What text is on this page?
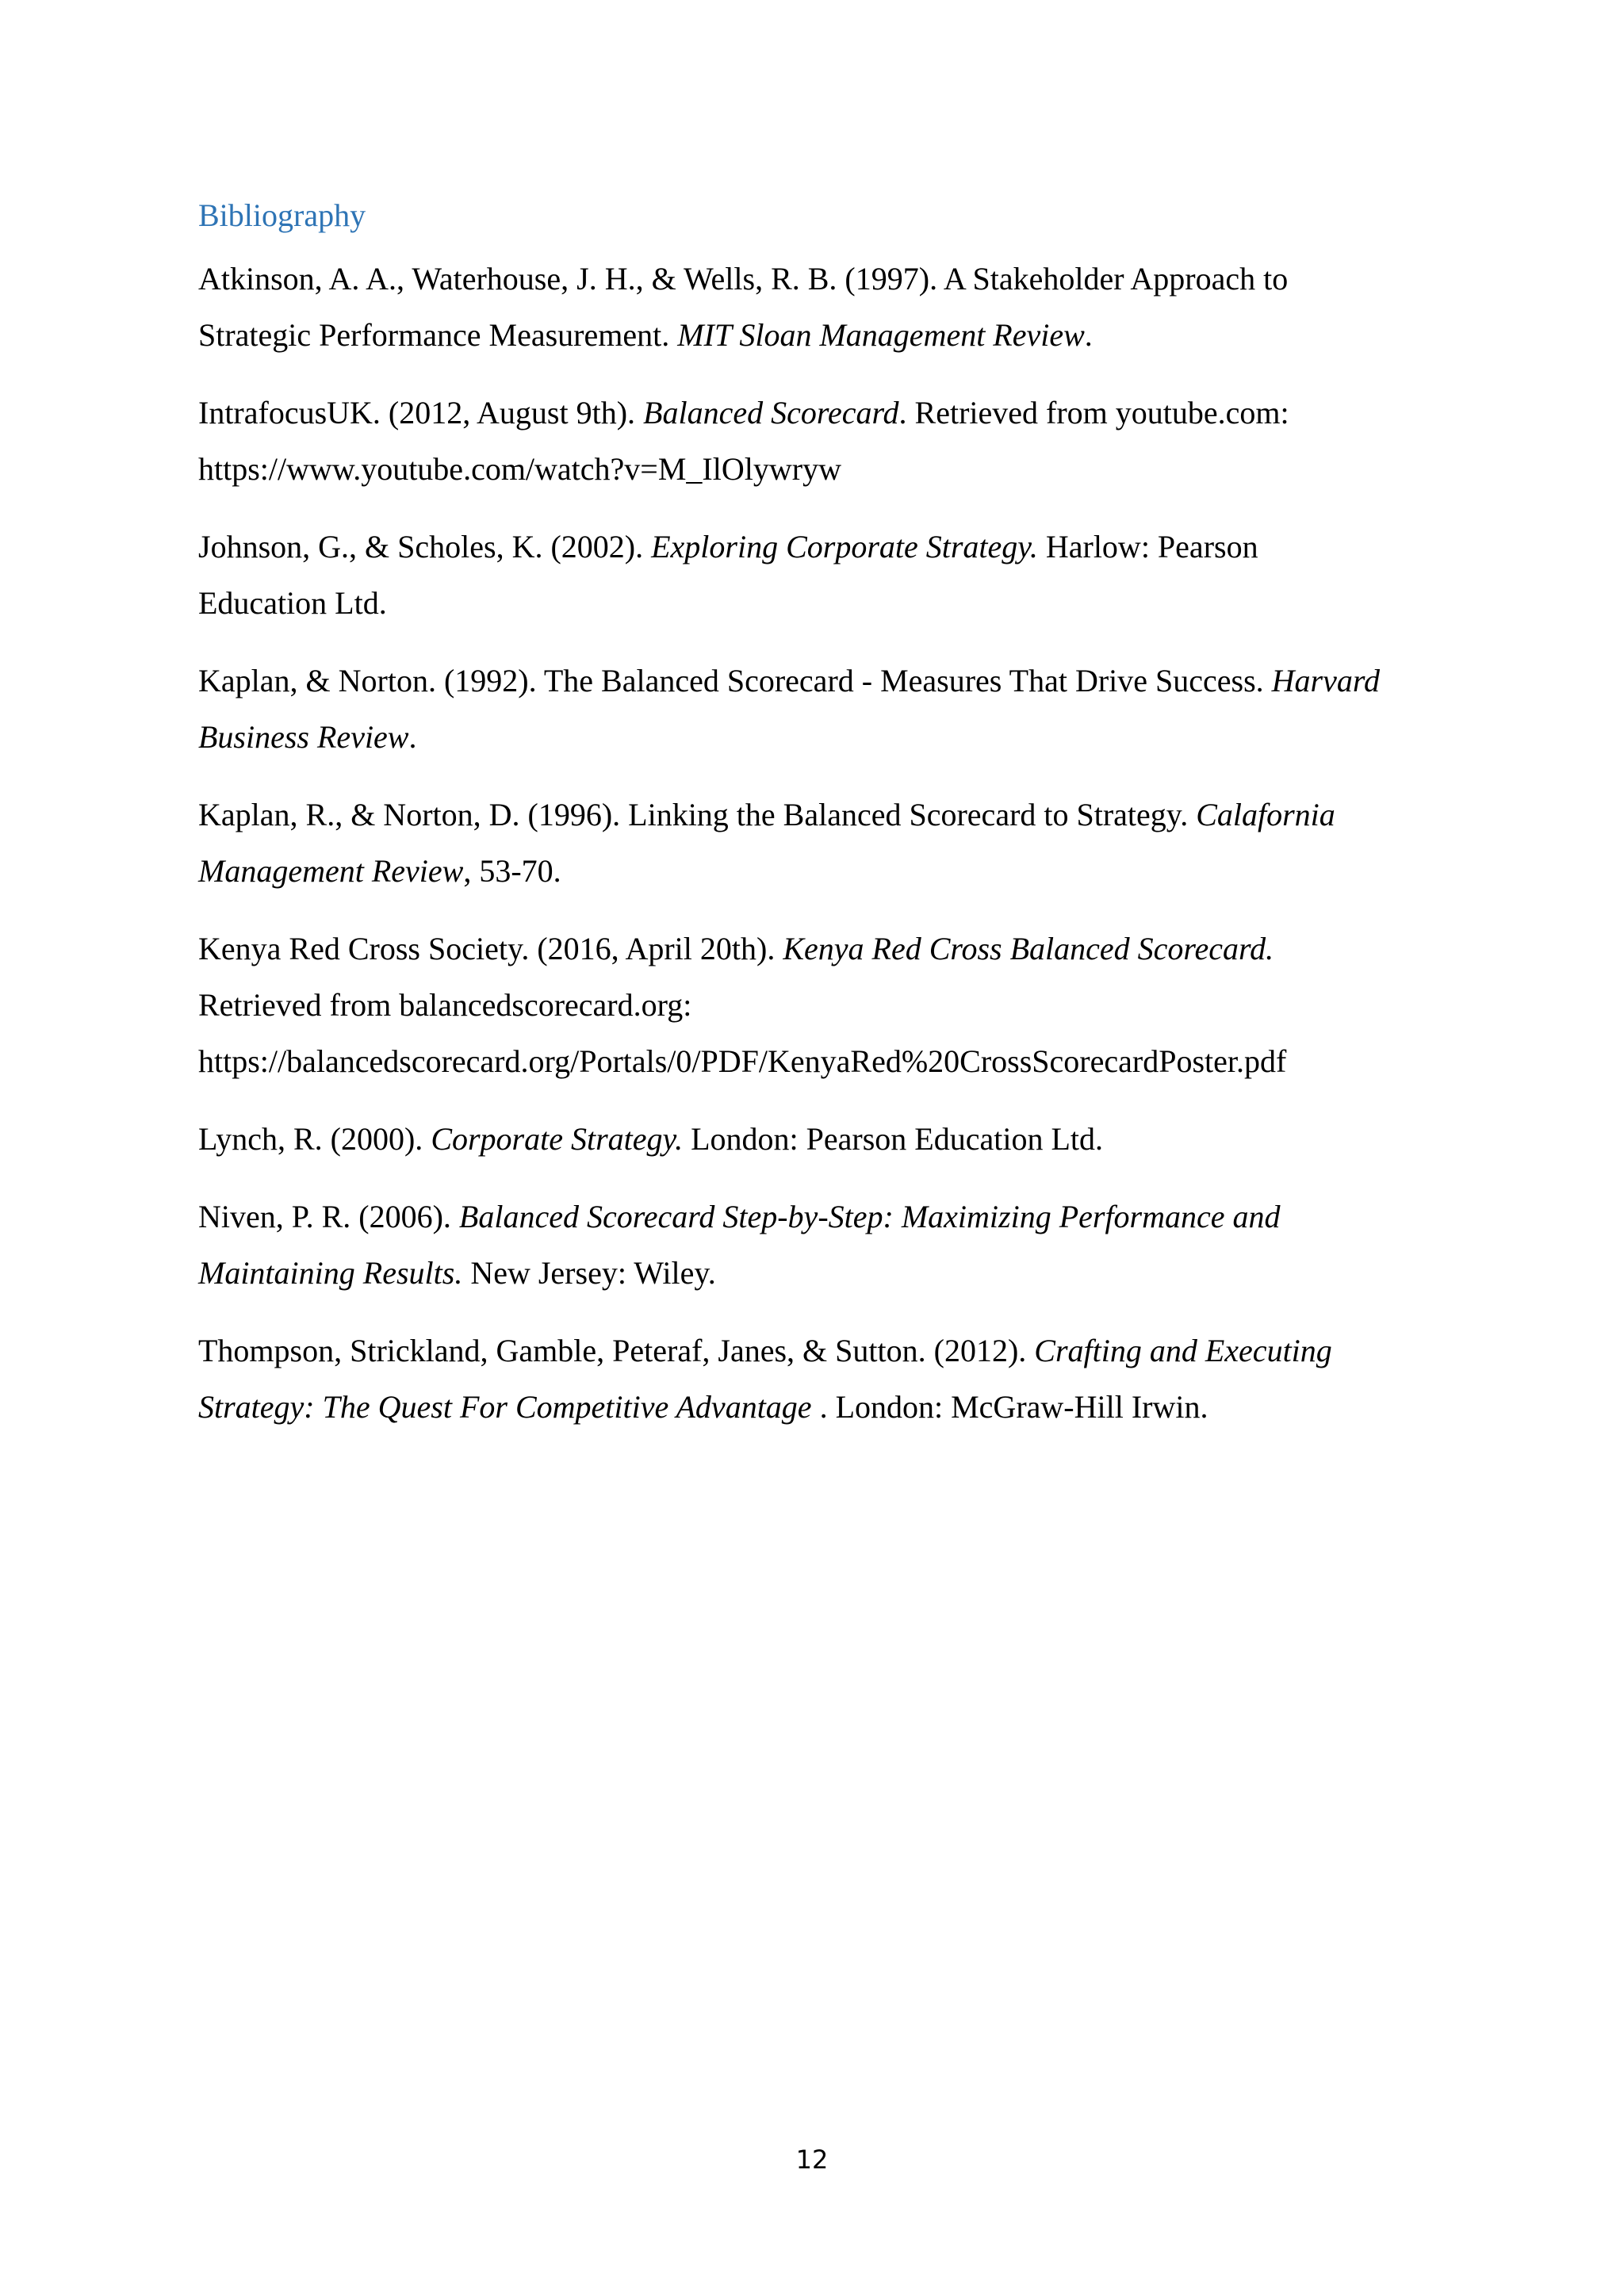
Bibliography
Atkinson, A. A., Waterhouse, J. H., & Wells, R. B. (1997). A Stakeholder Approach to
Strategic Performance Measurement. MIT Sloan Management Review.
IntrafocusUK. (2012, August 9th). Balanced Scorecard. Retrieved from youtube.com:
https://www.youtube.com/watch?v=M_IlOlywryw
Johnson, G., & Scholes, K. (2002). Exploring Corporate Strategy. Harlow: Pearson
Education Ltd.
Kaplan, & Norton. (1992). The Balanced Scorecard - Measures That Drive Success. Harvard
Business Review.
Kaplan, R., & Norton, D. (1996). Linking the Balanced Scorecard to Strategy. Calafornia
Management Review, 53-70.
Kenya Red Cross Society. (2016, April 20th). Kenya Red Cross Balanced Scorecard.
Retrieved from balancedscorecard.org:
https://balancedscorecard.org/Portals/0/PDF/KenyaRed%20CrossScorecardPoster.pdf
Lynch, R. (2000). Corporate Strategy. London: Pearson Education Ltd.
Niven, P. R. (2006). Balanced Scorecard Step-by-Step: Maximizing Performance and
Maintaining Results. New Jersey: Wiley.
Thompson, Strickland, Gamble, Peteraf, Janes, & Sutton. (2012). Crafting and Executing
Strategy: The Quest For Competitive Advantage . London: McGraw-Hill Irwin.
12
